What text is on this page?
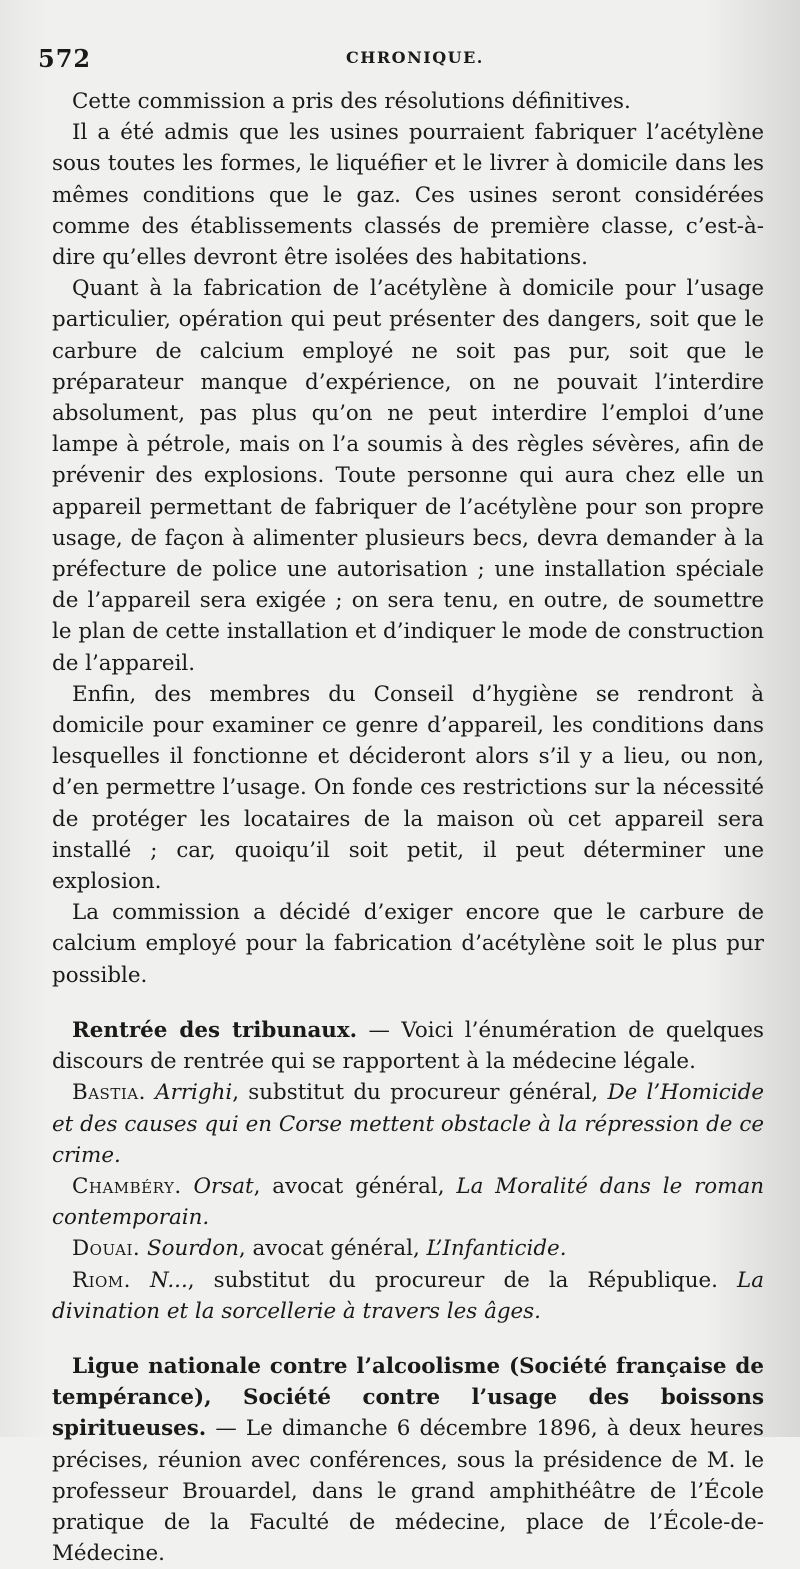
572	CHRONIQUE.

Cette commission a pris des résolutions définitives.

Il a été admis que les usines pourraient fabriquer l’acétylène sous toutes les formes, le liquéfier et le livrer à domicile dans les mêmes conditions que le gaz. Ces usines seront considérées comme des établissements classés de première classe, c’est-à-dire qu’elles devront être isolées des habitations.

Quant à la fabrication de l’acétylène à domicile pour l’usage particulier, opération qui peut présenter des dangers, soit que le carbure de calcium employé ne soit pas pur, soit que le préparateur manque d’expérience, on ne pouvait l’interdire absolument, pas plus qu’on ne peut interdire l’emploi d’une lampe à pétrole, mais on l’a soumis à des règles sévères, afin de prévenir des explosions. Toute personne qui aura chez elle un appareil permettant de fabriquer de l’acétylène pour son propre usage, de façon à alimenter plusieurs becs, devra demander à la préfecture de police une autorisation ; une installation spéciale de l’appareil sera exigée ; on sera tenu, en outre, de soumettre le plan de cette installation et d’indiquer le mode de construction de l’appareil.

Enfin, des membres du Conseil d’hygiène se rendront à domicile pour examiner ce genre d’appareil, les conditions dans lesquelles il fonctionne et décideront alors s’il y a lieu, ou non, d’en permettre l’usage. On fonde ces restrictions sur la nécessité de protéger les locataires de la maison où cet appareil sera installé ; car, quoiqu’il soit petit, il peut déterminer une explosion.

La commission a décidé d’exiger encore que le carbure de calcium employé pour la fabrication d’acétylène soit le plus pur possible.

Rentrée des tribunaux. — Voici l’énumération de quelques discours de rentrée qui se rapportent à la médecine légale.

Bastia. Arrighi, substitut du procureur général, De l’Homicide et des causes qui en Corse mettent obstacle à la répression de ce crime.

Chambéry. Orsat, avocat général, La Moralité dans le roman contemporain.

Douai. Sourdon, avocat général, L’Infanticide.

Riom. N..., substitut du procureur de la République. La divination et la sorcellerie à travers les âges.

Ligue nationale contre l’alcoolisme (Société française de tempérance), Société contre l’usage des boissons spiritueuses. — Le dimanche 6 décembre 1896, à deux heures précises, réunion avec conférences, sous la présidence de M. le professeur Brouardel, dans le grand amphithéâtre de l’École pratique de la Faculté de médecine, place de l’École-de-Médecine.
